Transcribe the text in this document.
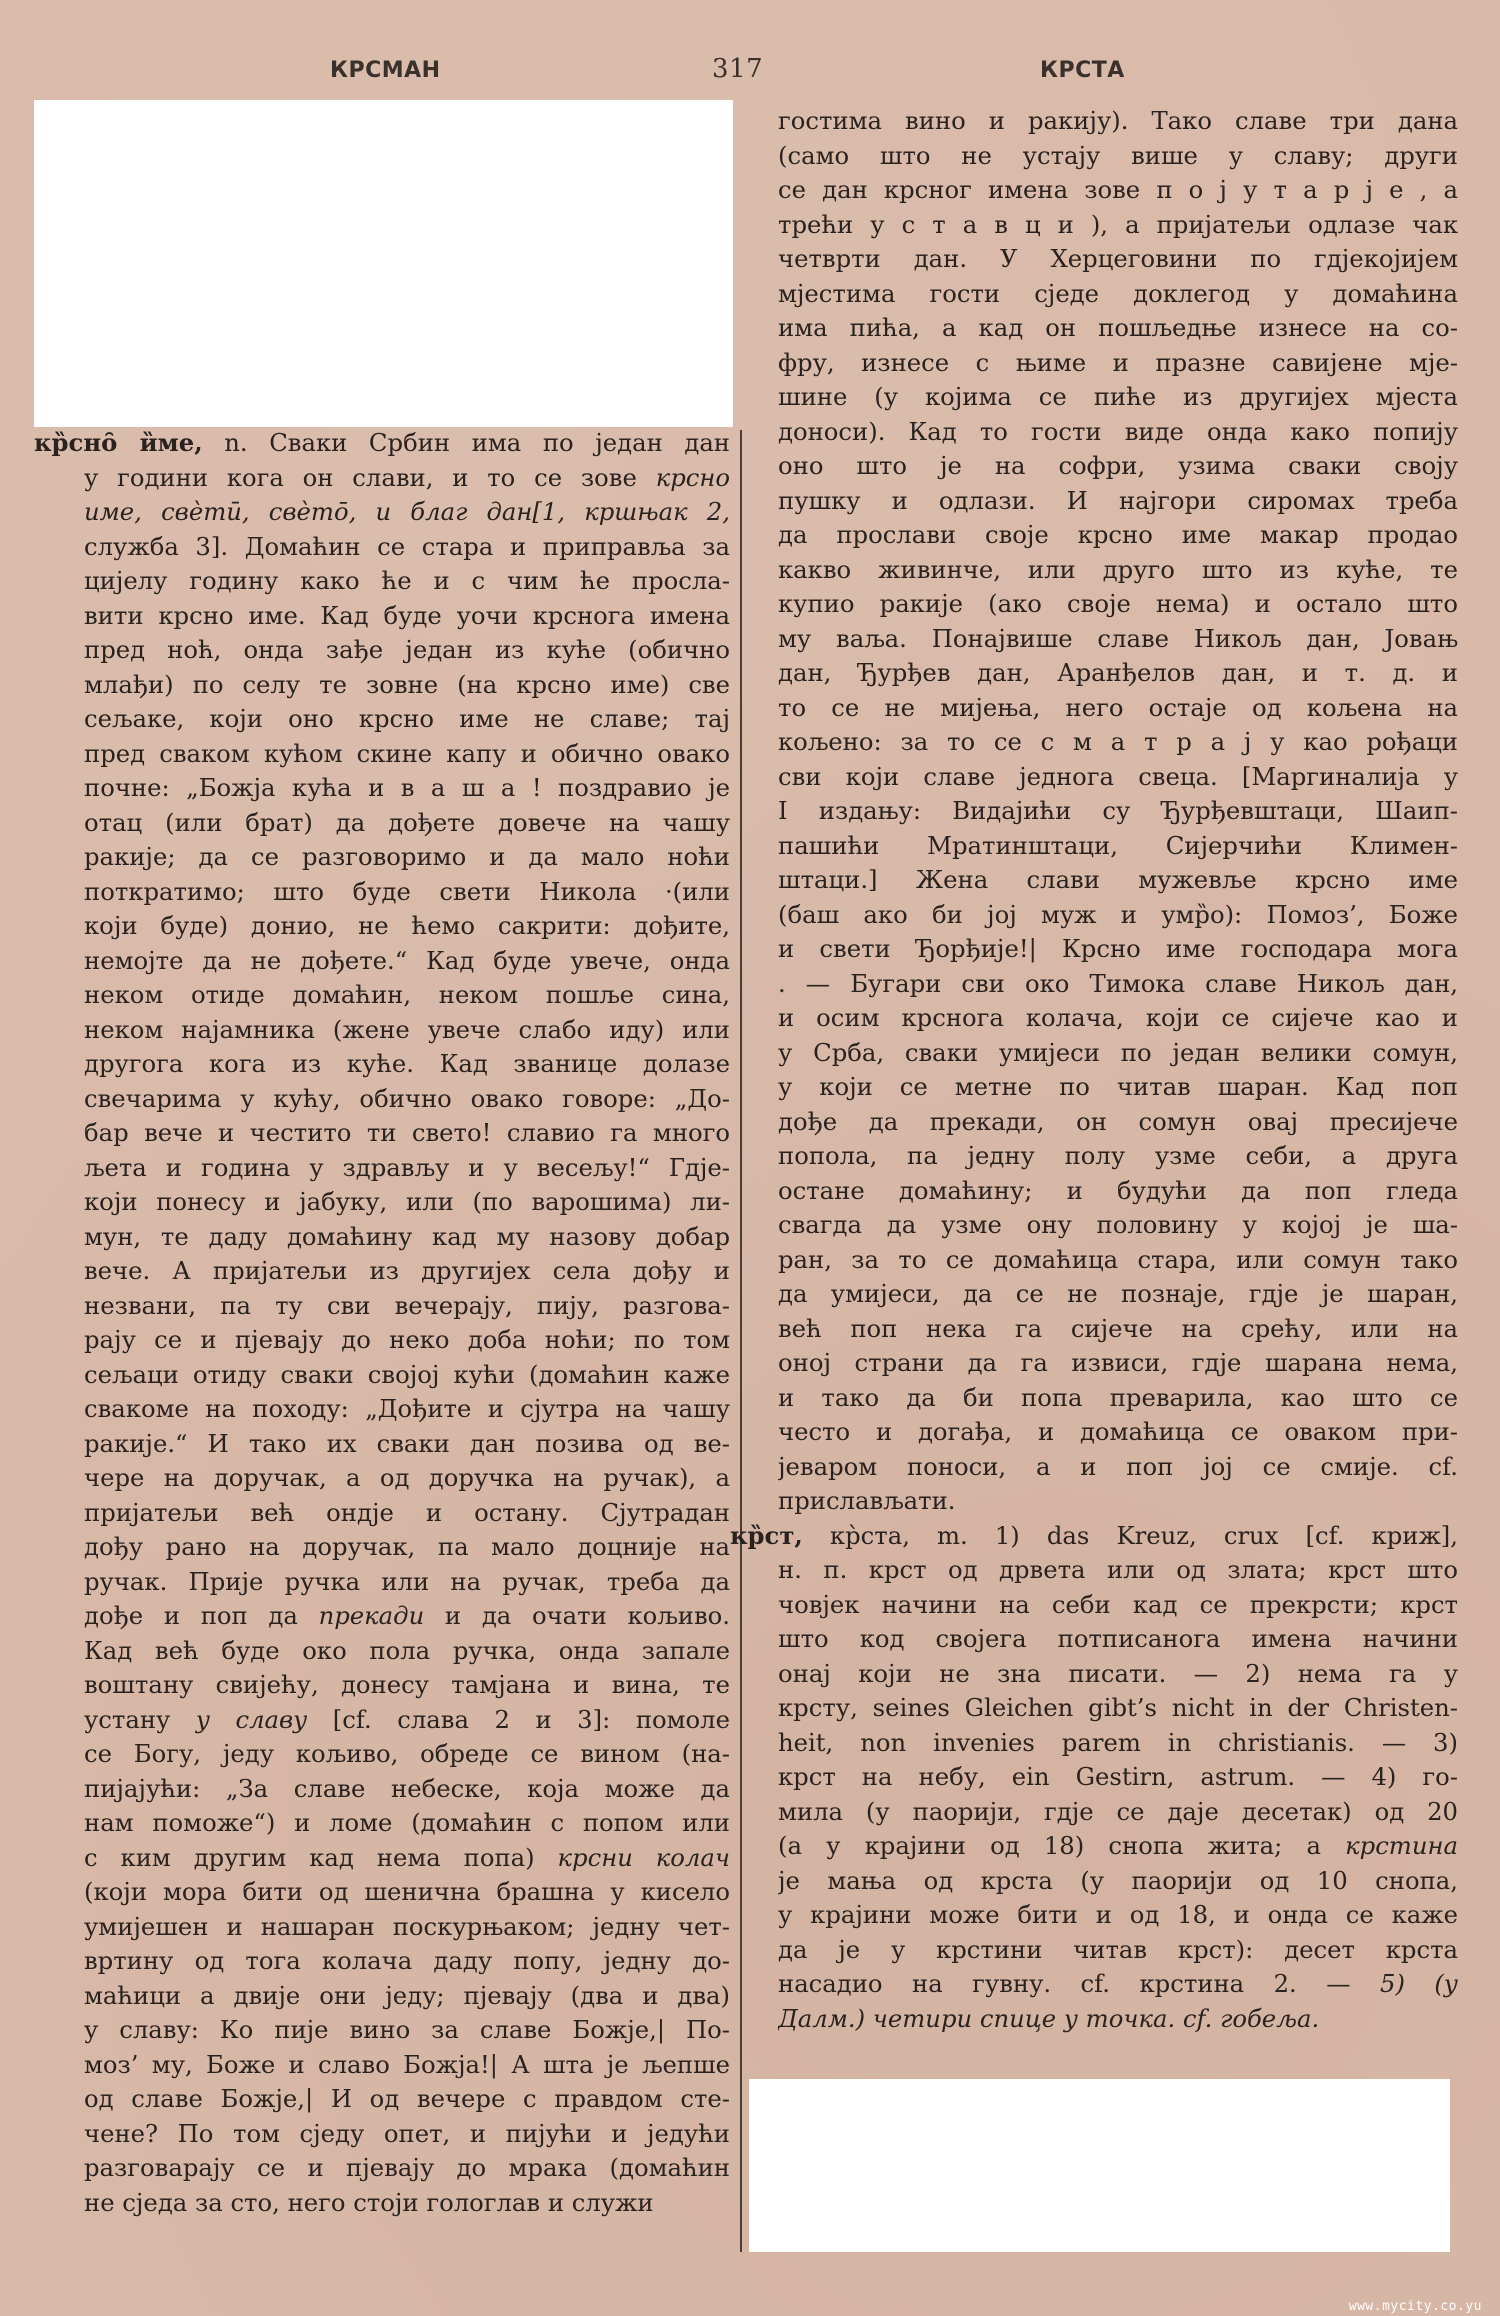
КРСМАН	317	КРСТА
кр̏сно̑ и̏ме, n. Сваки Србин има по један дан
у години кога он слави, и то се зове крсно
име, свѐтӣ, свѐтō, и благ дан[1, кршњак 2,
служба 3]. Домаћин се стара и приправља за
цијелу годину како ће и с чим ће просла-
вити крсно име. Кад буде уочи крснога имена
пред ноћ, онда зађе један из куће (обично
млађи) по селу те зовне (на крсно име) све
сељаке, који оно крсно име не славе; тај
пред сваком кућом скине капу и обично овако
почне: „Божја кућа и в а ш а ! поздравио је
отац (или брат) да дођете довече на чашу
ракије; да се разговоримо и да мало ноћи
поткратимо; што буде свети Никола ·(или
који буде) донио, не ћемо сакрити: дођите,
немојте да не дођете.“ Кад буде увече, онда
неком отиде домаћин, неком пошље сина,
неком најамника (жене увече слабо иду) или
другога кога из куће. Кад званице долазе
свечарима у кућу, обично овако говоре: „До-
бар вече и честито ти свето! славио га много
љета и година у здрављу и у весељу!“ Гдје-
који понесу и јабуку, или (по варошима) ли-
мун, те даду домаћину кад му назову добар
вече. А пријатељи из другијех села дођу и
незвани, па ту сви вечерају, пију, разгова-
рају се и пјевају до неко доба ноћи; по том
сељаци отиду сваки својој кући (домаћин каже
свакоме на походу: „Дођите и сјутра на чашу
ракије.“ И тако их сваки дан позива од ве-
чере на доручак, а од доручка на ручак), а
пријатељи већ ондје и остану. Сјутрадан
дођу рано на доручак, па мало доцније на
ручак. Прије ручка или на ручак, треба да
дође и поп да прекади и да очати кољиво.
Кад већ буде око пола ручка, онда запале
воштану свијећу, донесу тамјана и вина, те
устану у славу [cf. слава 2 и 3]: помоле
се Богу, једу кољиво, обреде се вином (на-
пијајући: „За славе небеске, која може да
нам поможе“) и ломе (домаћин с попом или
с ким другим кад нема попа) крсни колач
(који мора бити од шенична брашна у кисело
умијешен и нашаран поскурњаком; једну чет-
вртину од тога колача даду попу, једну до-
маћици а двије они једу; пјевају (два и два)
у славу: Ко пије вино за славе Божје,| По-
моз’ му, Боже и славо Божја!| А шта је љепше
од славе Божје,| И од вечере с правдом сте-
чене? По том сједу опет, и пијући и једући
разговарају се и пјевају до мрака (домаћин
не сједа за сто, него стоји гологлав и служи
гостима вино и ракију). Тако славе три дана
(само што не устају више у славу; други
се дан крсног имена зове п о ј у т а р ј е , а
трећи у с т а в ц и ), а пријатељи одлазе чак
четврти дан. У Херцеговини по гдјекојијем
мјестима гости сједе доклегод у домаћина
има пића, а кад он пошљедње изнесе на со-
фру, изнесе с њиме и празне савијене мје-
шине (у којима се пиће из другијех мјеста
доноси). Кад то гости виде онда како попију
оно што је на софри, узима сваки своју
пушку и одлази. И најгори сиромах треба
да прослави своје крсно име макар продао
какво живинче, или друго што из куће, те
купио ракије (ако своје нема) и остало што
му ваља. Понајвише славе Никољ дан, Јовањ
дан, Ђурђев дан, Аранђелов дан, и т. д. и
то се не мијења, него остаје од кољена на
кољено: за то се с м а т р а ј у као рођаци
сви који славе једнога свеца. [Маргиналија у
I издању: Видајићи су Ђурђевштаци, Шаип-
пашићи Мратинштаци, Сијерчићи Климен-
штаци.] Жена слави мужевље крсно име
(баш ако би јој муж и умр̏о): Помоз’, Боже
и свети Ђорђије!| Крсно име господара мога
. — Бугари сви око Тимока славе Никољ дан,
и осим крснога колача, који се сијече као и
у Срба, сваки умијеси по један велики сомун,
у који се метне по читав шаран. Кад поп
дође да прекади, он сомун овај пресијече
попола, па једну полу узме себи, а друга
остане домаћину; и будући да поп гледа
свагда да узме ону половину у којој је ша-
ран, за то се домаћица стара, или сомун тако
да умијеси, да се не познаје, гдје је шаран,
већ поп нека га сијече на срећу, или на
оној страни да га извиси, гдје шарана нема,
и тако да би попа преварила, као што се
често и догађа, и домаћица се оваком при-
јеваром поноси, а и поп јој се смије. cf.
прислављати.
кр̏ст, кр̀ста, m. 1) das Kreuz, crux [cf. криж],
н. п. крст од дрвета или од злата; крст што
човјек начини на себи кад се прекрсти; крст
што код својега потписанога имена начини
онај који не зна писати. — 2) нема га у
крсту, seines Gleichen gibt’s nicht in der Christen-
heit, non invenies parem in christianis. — 3)
крст на небу, ein Gestirn, astrum. — 4) го-
мила (у паорији, гдје се даје десетак) од 20
(а у крајини од 18) снопа жита; а крстина
је мања од крста (у паорији од 10 снопа,
у крајини може бити и од 18, и онда се каже
да је у крстини читав крст): десет крста
насадио на гувну. cf. крстина 2. — 5) (у
Далм.) четири спице у точка. cf. гобеља.
www.mycity.co.yu
